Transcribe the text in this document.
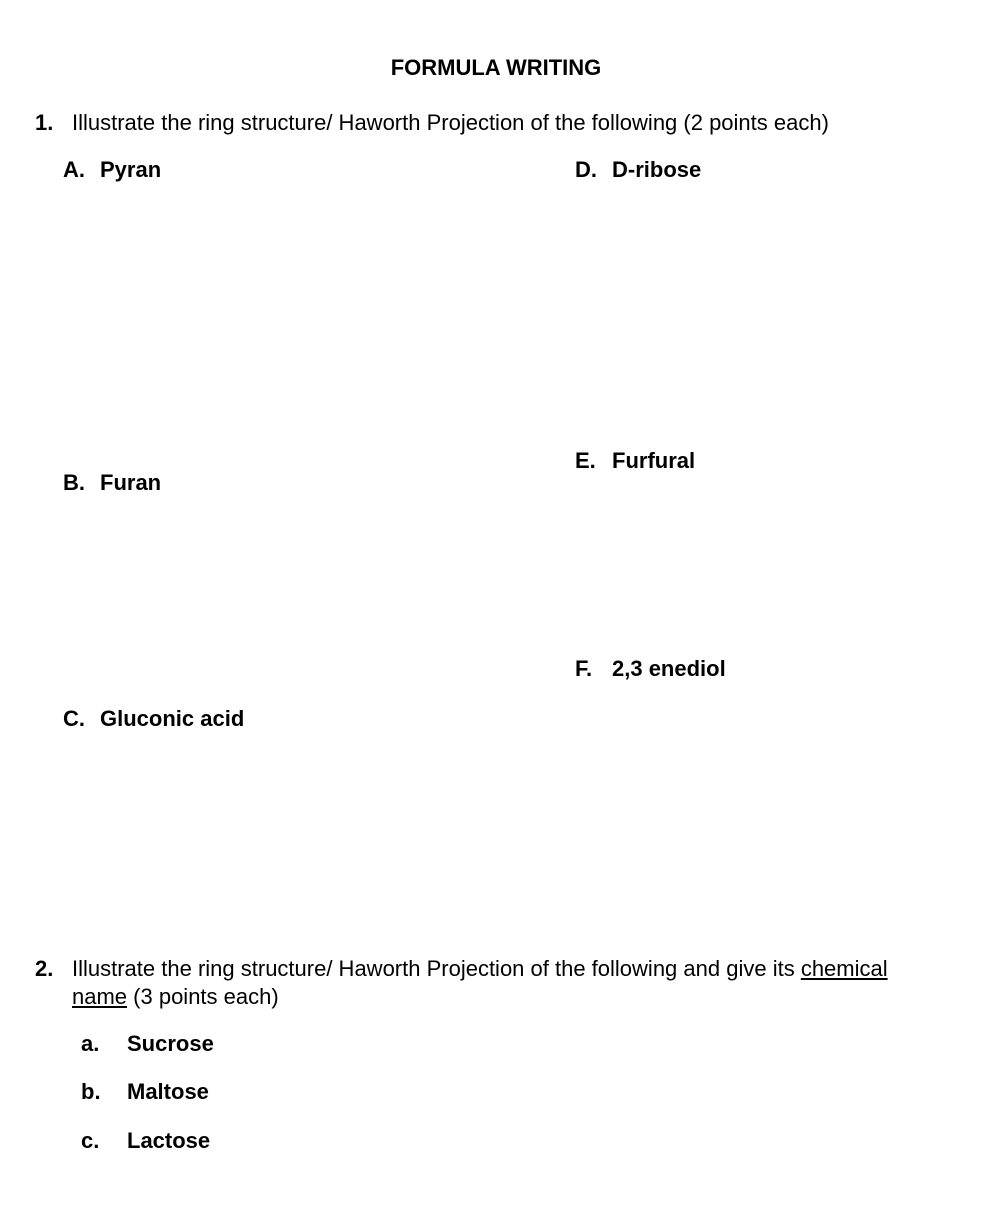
FORMULA WRITING
1. Illustrate the ring structure/ Haworth Projection of the following (2 points each)
A. Pyran
B. Furan
C. Gluconic acid
D. D-ribose
E. Furfural
F. 2,3 enediol
2. Illustrate the ring structure/ Haworth Projection of the following and give its chemical
name (3 points each)
a. Sucrose
b. Maltose
c. Lactose
